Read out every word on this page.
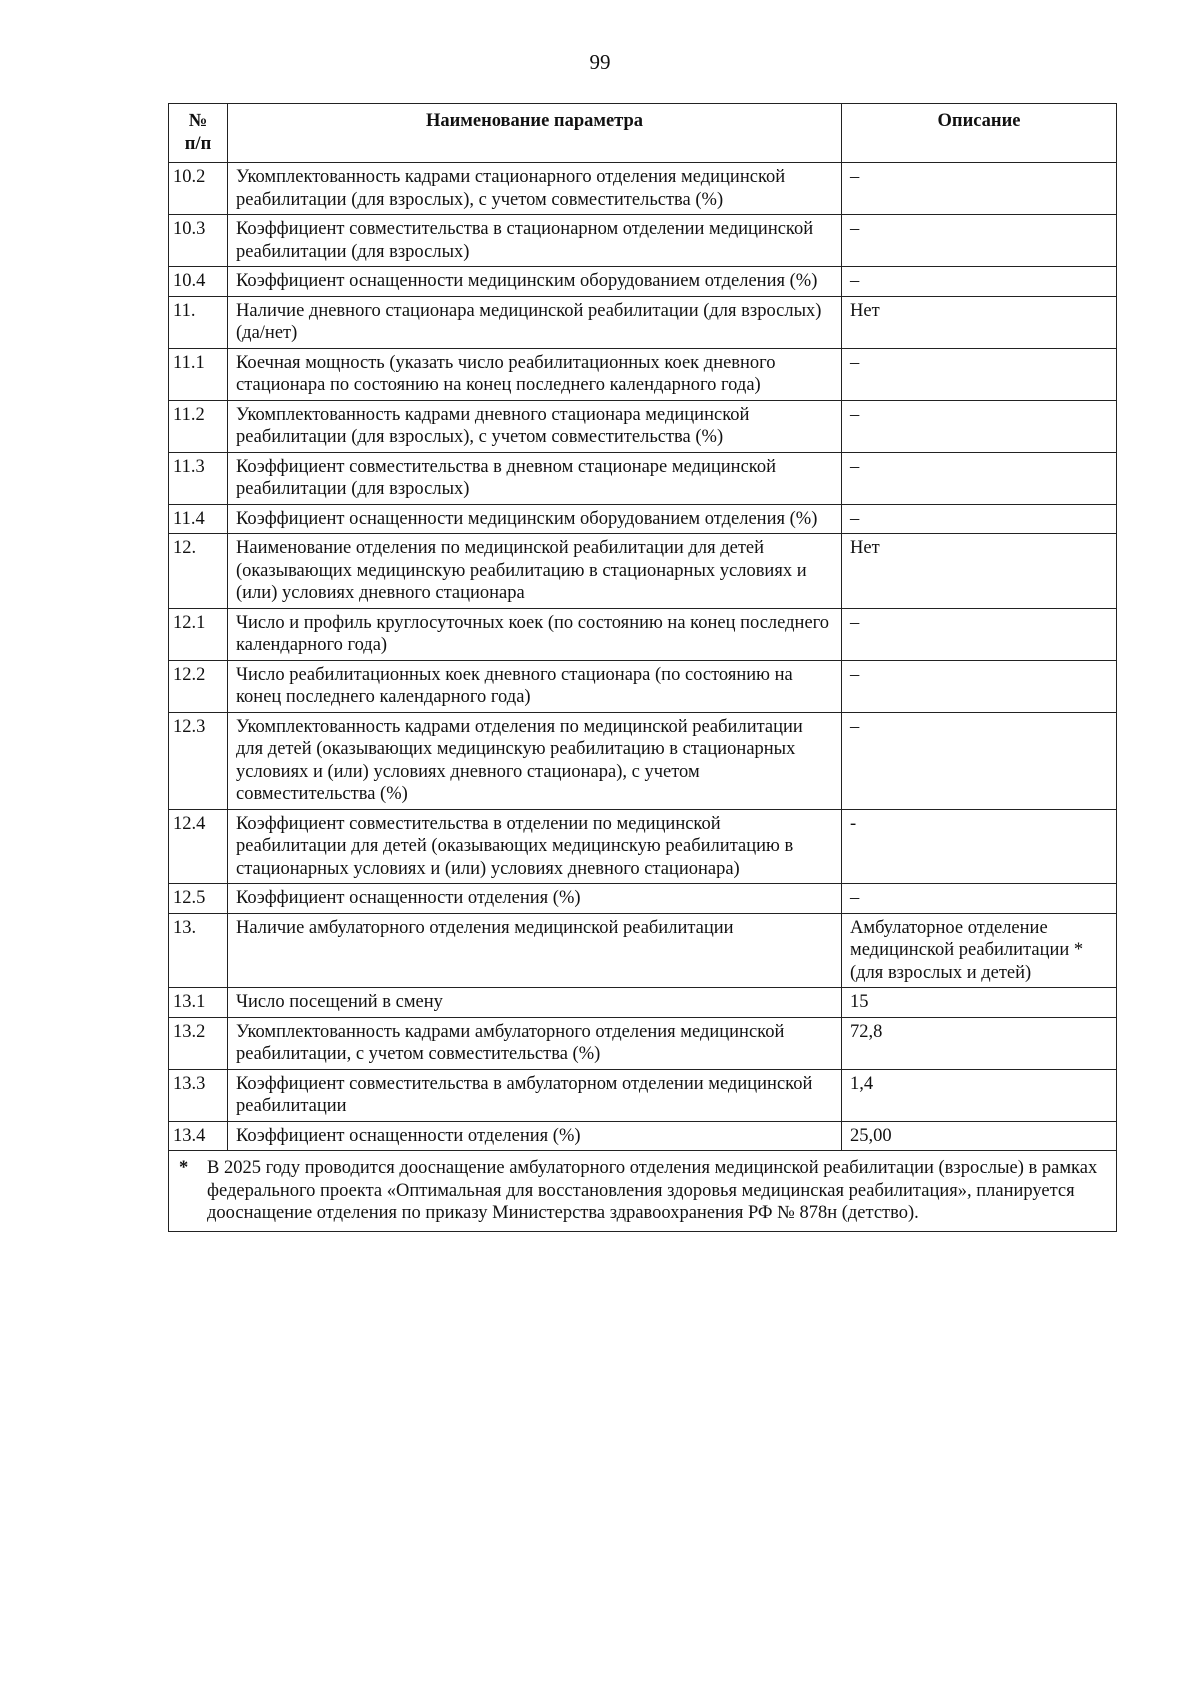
99
№
п/п	Наименование параметра	Описание
10.2	Укомплектованность кадрами стационарного отделения медицинской реабилитации (для взрослых), с учетом совместительства (%)	–
10.3	Коэффициент совместительства в стационарном отделении медицинской реабилитации (для взрослых)	–
10.4	Коэффициент оснащенности медицинским оборудованием отделения (%)	–
11.	Наличие дневного стационара медицинской реабилитации (для взрослых) (да/нет)	Нет
11.1	Коечная мощность (указать число реабилитационных коек дневного стационара по состоянию на конец последнего календарного года)	–
11.2	Укомплектованность кадрами дневного стационара медицинской реабилитации (для взрослых), с учетом совместительства (%)	–
11.3	Коэффициент совместительства в дневном стационаре медицинской реабилитации (для взрослых)	–
11.4	Коэффициент оснащенности медицинским оборудованием отделения (%)	–
12.	Наименование отделения по медицинской реабилитации для детей (оказывающих медицинскую реабилитацию в стационарных условиях и (или) условиях дневного стационара	Нет
12.1	Число и профиль круглосуточных коек (по состоянию на конец последнего календарного года)	–
12.2	Число реабилитационных коек дневного стационара (по состоянию на конец последнего календарного года)	–
12.3	Укомплектованность кадрами отделения по медицинской реабилитации для детей (оказывающих медицинскую реабилитацию в стационарных условиях и (или) условиях дневного стационара), с учетом совместительства (%)	–
12.4	Коэффициент совместительства в отделении по медицинской реабилитации для детей (оказывающих медицинскую реабилитацию в стационарных условиях и (или) условиях дневного стационара)	-
12.5	Коэффициент оснащенности отделения (%)	–
13.	Наличие амбулаторного отделения медицинской реабилитации	Амбулаторное отделение медицинской реабилитации * (для взрослых и детей)
13.1	Число посещений в смену	15
13.2	Укомплектованность кадрами амбулаторного отделения медицинской реабилитации, с учетом совместительства (%)	72,8
13.3	Коэффициент совместительства в амбулаторном отделении медицинской реабилитации	1,4
13.4	Коэффициент оснащенности отделения (%)	25,00

* В 2025 году проводится дооснащение амбулаторного отделения медицинской реабилитации (взрослые) в рамках федерального проекта «Оптимальная для восстановления здоровья медицинская реабилитация», планируется дооснащение отделения по приказу Министерства здравоохранения РФ № 878н (детство).		
